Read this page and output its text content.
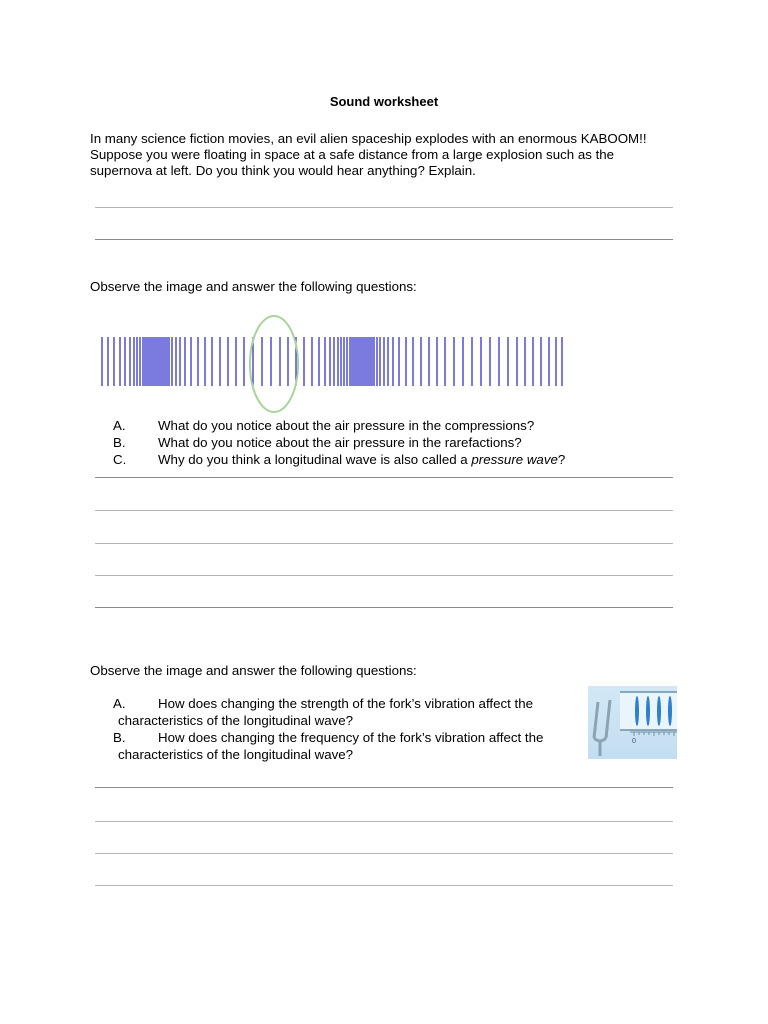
Sound worksheet
In many science fiction movies, an evil alien spaceship explodes with an enormous KABOOM!!
Suppose you were floating in space at a safe distance from a large explosion such as the
supernova at left. Do you think you would hear anything? Explain.
Observe the image and answer the following questions:
A.	What do you notice about the air pressure in the compressions?
B.	What do you notice about the air pressure in the rarefactions?
C.	Why do you think a longitudinal wave is also called a pressure wave?
Observe the image and answer the following questions:
A.	How does changing the strength of the fork’s vibration affect the
characteristics of the longitudinal wave?
B.	How does changing the frequency of the fork’s vibration affect the
characteristics of the longitudinal wave?
0
